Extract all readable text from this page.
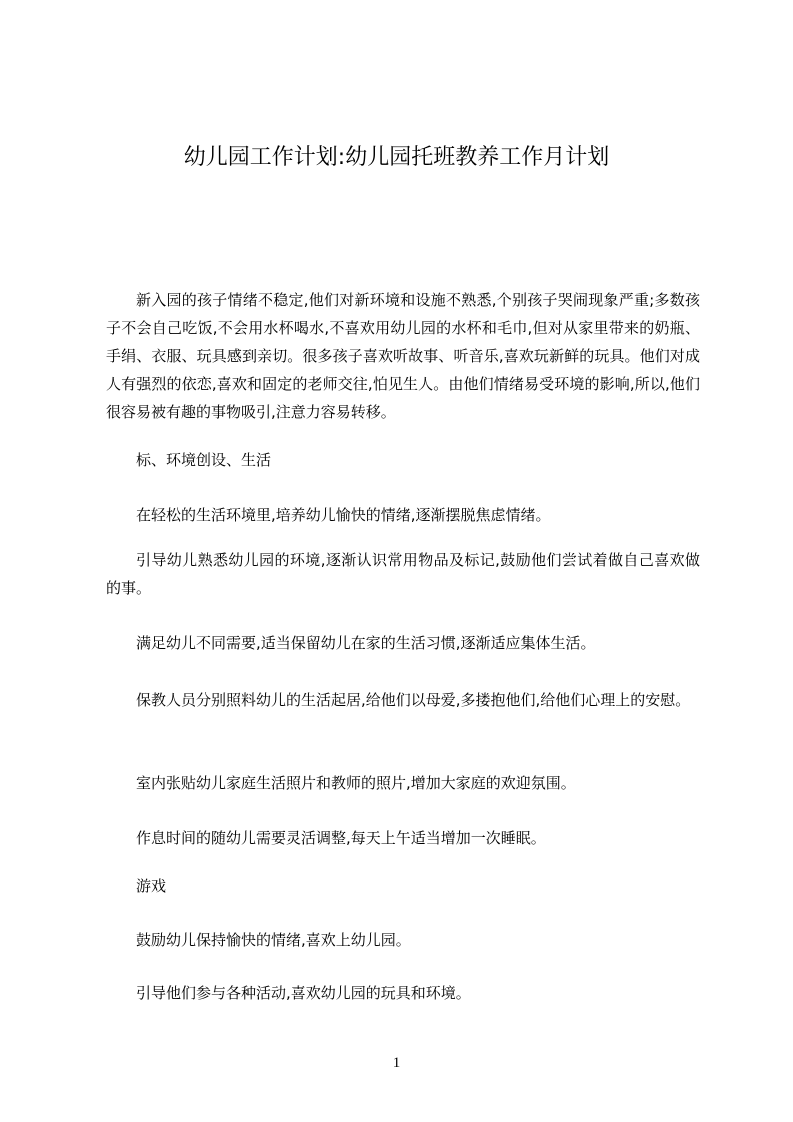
幼儿园工作计划:幼儿园托班教养工作月计划
新入园的孩子情绪不稳定,他们对新环境和设施不熟悉,个别孩子哭闹现象严重;多数孩子不会自己吃饭,不会用水杯喝水,不喜欢用幼儿园的水杯和毛巾,但对从家里带来的奶瓶、手绢、衣服、玩具感到亲切。很多孩子喜欢听故事、听音乐,喜欢玩新鲜的玩具。他们对成人有强烈的依恋,喜欢和固定的老师交往,怕见生人。由他们情绪易受环境的影响,所以,他们很容易被有趣的事物吸引,注意力容易转移。
标、环境创设、生活
在轻松的生活环境里,培养幼儿愉快的情绪,逐渐摆脱焦虑情绪。
引导幼儿熟悉幼儿园的环境,逐渐认识常用物品及标记,鼓励他们尝试着做自己喜欢做的事。
满足幼儿不同需要,适当保留幼儿在家的生活习惯,逐渐适应集体生活。
保教人员分别照料幼儿的生活起居,给他们以母爱,多搂抱他们,给他们心理上的安慰。
室内张贴幼儿家庭生活照片和教师的照片,增加大家庭的欢迎氛围。
作息时间的随幼儿需要灵活调整,每天上午适当增加一次睡眠。
游戏
鼓励幼儿保持愉快的情绪,喜欢上幼儿园。
引导他们参与各种活动,喜欢幼儿园的玩具和环境。
1
